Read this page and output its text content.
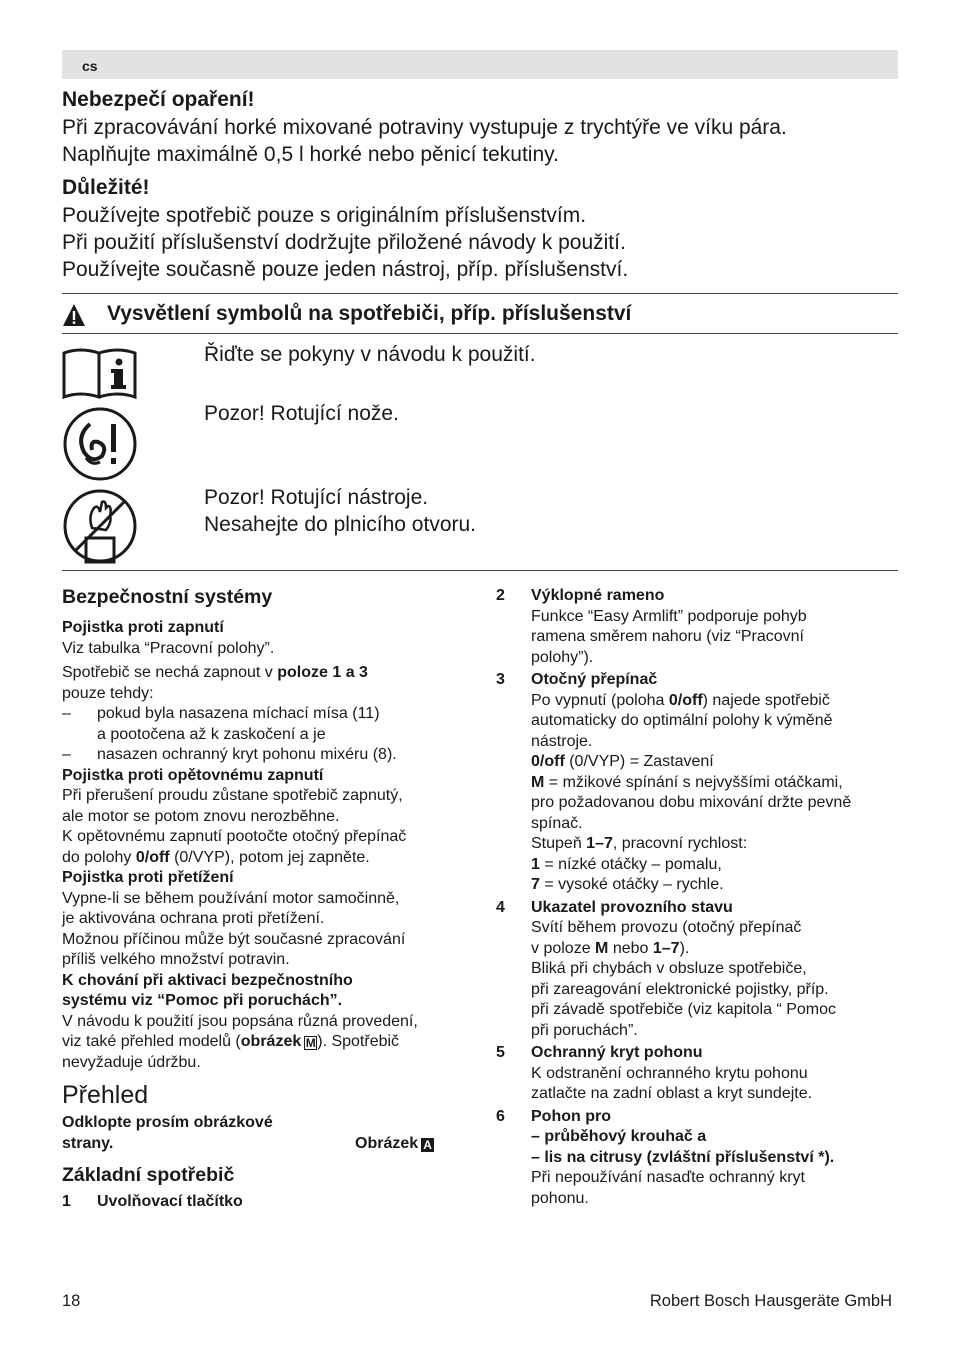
cs

Nebezpečí opaření!

Při zpracovávání horké mixované potraviny vystupuje z trychtýře ve víku pára.

Naplňujte maximálně 0,5 l horké nebo pěnicí tekutiny.

Důležité!

Používejte spotřebič pouze s originálním příslušenstvím.

Při použití příslušenství dodržujte přiložené návody k použití.

Používejte současně pouze jeden nástroj, příp. příslušenství.

Vysvětlení symbolů na spotřebiči, příp. příslušenství

Řiďte se pokyny v návodu k použití.

Pozor! Rotující nože.

Pozor! Rotující nástroje.

Nesahejte do plnicího otvoru.

Bezpečnostní systémy

Pojistka proti zapnutí

Viz tabulka “Pracovní polohy”.

Spotřebič se nechá zapnout v poloze 1 a 3

pouze tehdy:

– pokud byla nasazena míchací mísa (11)

a pootočena až k zaskočení a je

– nasazen ochranný kryt pohonu mixéru (8).

Pojistka proti opětovnému zapnutí

Při přerušení proudu zůstane spotřebič zapnutý,

ale motor se potom znovu nerozběhne.

K opětovnému zapnutí pootočte otočný přepínač

do polohy 0/off (0/VYP), potom jej zapněte.

Pojistka proti přetížení

Vypne-li se během používání motor samočinně,

je aktivována ochrana proti přetížení.

Možnou příčinou může být současné zpracování

příliš velkého množství potravin.

K chování při aktivaci bezpečnostního

systému viz “Pomoc při poruchách”.

V návodu k použití jsou popsána různá provedení,

viz také přehled modelů (obrázek M). Spotřebič

nevyžaduje údržbu.

Přehled

Odklopte prosím obrázkové

strany.	Obrázek A

Základní spotřebič

1 Uvolňovací tlačítko

2 Výklopné rameno

Funkce “Easy Armlift” podporuje pohyb

ramena směrem nahoru (viz “Pracovní

polohy”).

3 Otočný přepínač

Po vypnutí (poloha 0/off) najede spotřebič

automaticky do optimální polohy k výměně

nástroje.

0/off (0/VYP) = Zastavení

M = mžikové spínání s nejvyššími otáčkami,

pro požadovanou dobu mixování držte pevně

spínač.

Stupeň 1–7, pracovní rychlost:

1 = nízké otáčky – pomalu,

7 = vysoké otáčky – rychle.

4 Ukazatel provozního stavu

Svítí během provozu (otočný přepínač

v poloze M nebo 1–7).

Bliká při chybách v obsluze spotřebiče,

při zareagování elektronické pojistky, příp.

při závadě spotřebiče (viz kapitola “ Pomoc

při poruchách”.

5 Ochranný kryt pohonu

K odstranění ochranného krytu pohonu

zatlačte na zadní oblast a kryt sundejte.

6 Pohon pro

– průběhový krouhač a

– lis na citrusy (zvláštní příslušenství *).

Při nepoužívání nasaďte ochranný kryt

pohonu.

18	Robert Bosch Hausgeräte GmbH
